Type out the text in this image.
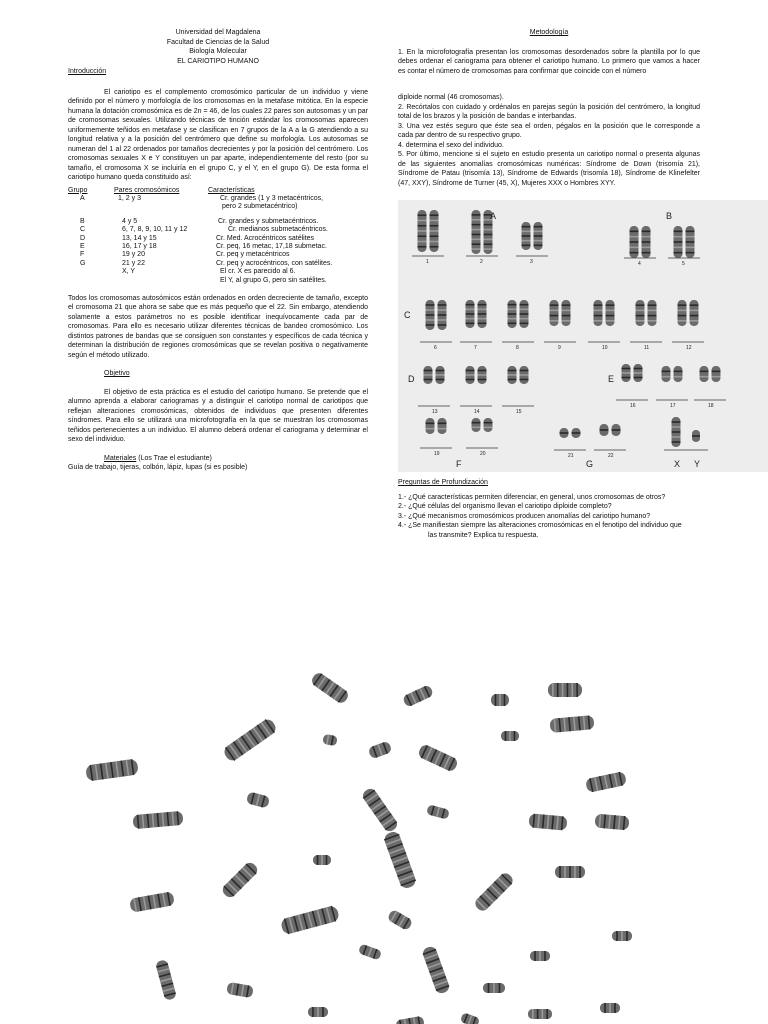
Universidad del Magdalena
Facultad de Ciencias de la Salud
Biología Molecular
EL CARIOTIPO HUMANO
Introducción

El cariotipo es el complemento cromosómico particular de un individuo y viene definido por el número y morfología de los cromosomas en la metafase mitótica. En la especie humana la dotación cromosómica es de 2n = 46, de los cuales 22 pares son autosomas y un par de cromosomas sexuales. Utilizando técnicas de tinción estándar los cromosomas aparecen uniformemente teñidos en metafase y se clasifican en 7 grupos de la A a la G atendiendo a su longitud relativa y a la posición del centrómero que define su morfología. Los autosomas se numeran del 1 al 22 ordenados por tamaños decrecientes y por la posición del centrómero. Los cromosomas sexuales X e Y constituyen un par aparte, independientemente del resto (por su tamaño, el cromosoma X se incluiría en el grupo C, y el Y, en el grupo G). De esta forma el cariotipo humano queda constituido así:

Grupo	Pares cromosómicos	Características
A	1, 2 y 3	Cr. grandes (1 y 3 metacéntricos,
		pero 2 submetacéntrico)
B	4 y 5	Cr. grandes y submetacéntricos.
C	6, 7, 8, 9, 10, 11 y 12	Cr. medianos submetacéntricos.
D	13, 14 y 15	Cr. Med. Acrocéntricos satélites
E	16, 17 y 18	Cr. peq, 16 metac, 17,18 submetac.
F	19 y 20	Cr. peq y metacéntricos
G	21 y 22	Cr. peq y acrocéntricos, con satélites.
	X, Y	El cr. X es parecido al 6.
		El Y, al grupo G, pero sin satélites.

Todos los cromosomas autosómicos están ordenados en orden decreciente de tamaño, excepto el cromosoma 21 que ahora se sabe que es más pequeño que el 22. Sin embargo, atendiendo solamente a estos parámetros no es posible identificar inequívocamente cada par de cromosomas. Para ello es necesario utilizar diferentes técnicas de bandeo cromosómico. Los distintos patrones de bandas que se consiguen son constantes y específicos de cada técnica y determinan la distribución de regiones cromosómicas que se revelan positiva o negativamente según el método utilizado.

Objetivo

El objetivo de esta práctica es el estudio del cariotipo humano. Se pretende que el alumno aprenda a elaborar cariogramas y a distinguir el cariotipo normal de cariotipos que reflejan alteraciones cromosómicas, obtenidos de individuos que presenten diferentes síndromes. Para ello se utilizará una microfotografía en la que se muestran los cromosomas teñidos pertenecientes a un individuo. El alumno deberá ordenar el cariograma y determinar el sexo del individuo.

Materiales (Los Trae el estudiante)
Guía de trabajo, tijeras, colbón, lápiz, lupas (si es posible)
Metodología
1. En la microfotografía presentan los cromosomas desordenados sobre la plantilla por lo que debes ordenar el cariograma para obtener el cariotipo humano. Lo primero que vamos a hacer es contar el número de cromosomas para confirmar que coincide con el número
diploide normal (46 cromosomas).
2. Recórtalos con cuidado y ordénalos en parejas según la posición del centrómero, la longitud total de los brazos y la posición de bandas e interbandas.
3. Una vez estés seguro que éste sea el orden, pégalos en la posición que le corresponde a cada par dentro de su respectivo grupo.
4. determina el sexo del individuo.
5. Por último, mencione si el sujeto en estudio presenta un cariotipo normal o presenta algunas de las siguientes anomalías cromosómicas numéricas: Síndrome de Down (trisomía 21), Síndrome de Patau (trisomía 13), Síndrome de Edwards (trisomía 18), Síndrome de Klinefelter (47, XXY), Síndrome de Turner (45, X), Mujeres XXX o Hombres XYY.
A	B
C
D	E
F	G	X Y
1	2	3	4	5
6	7	8	9	10	11	12
13	14	15
16	17	18
19	20	21	22
Preguntas de Profundización
1.- ¿Qué características permiten diferenciar, en general, unos cromosomas de otros?
2.- ¿Qué células del organismo llevan el cariotipo diploide completo?
3.- ¿Qué mecanismos cromosómicos producen anomalías del cariotipo humano?
4.- ¿Se manifiestan siempre las alteraciones cromosómicas en el fenotipo del individuo que
las transmite? Explica tu respuesta.
